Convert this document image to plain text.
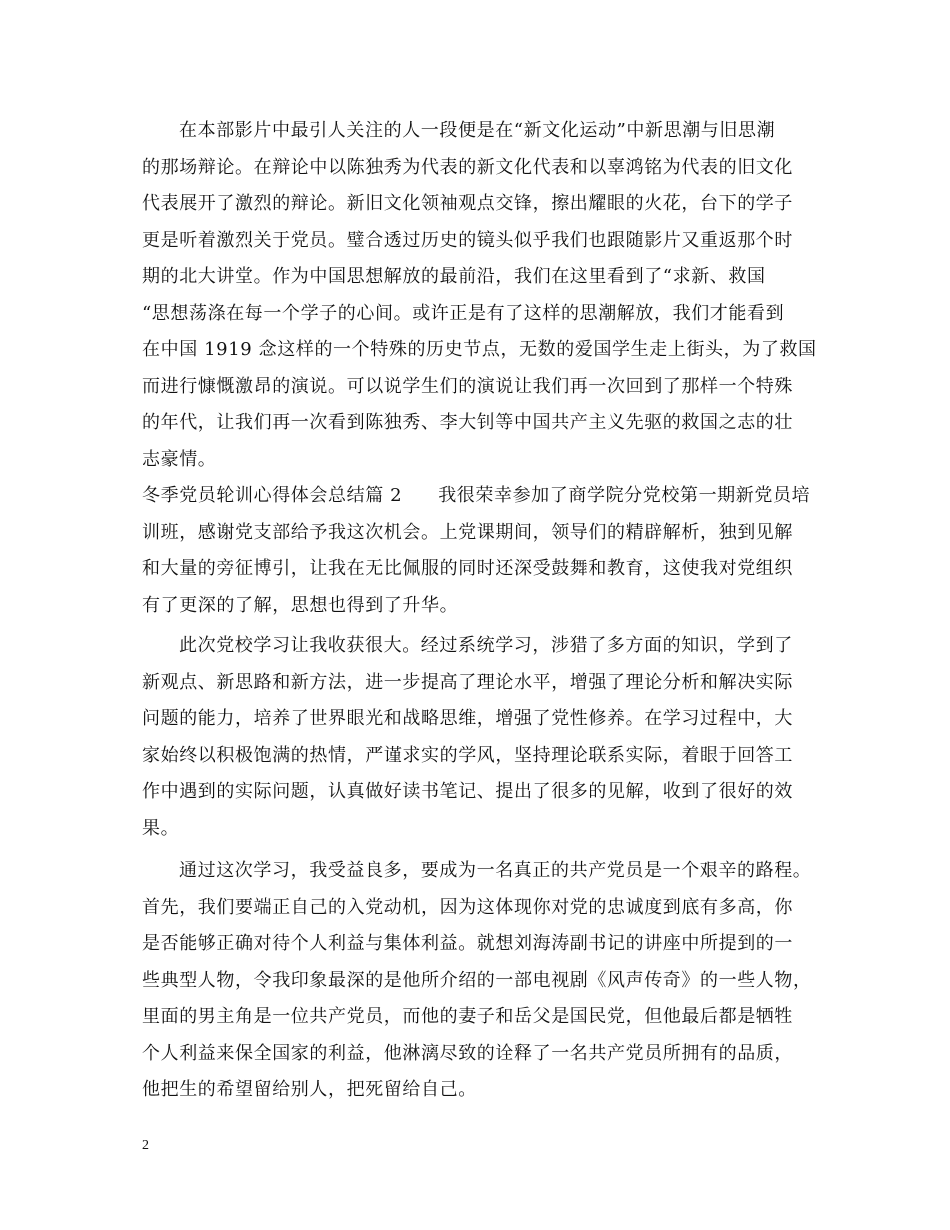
在本部影片中最引人关注的人一段便是在“新文化运动”中新思潮与旧思潮
的那场辩论。在辩论中以陈独秀为代表的新文化代表和以辜鸿铭为代表的旧文化
代表展开了激烈的辩论。新旧文化领袖观点交锋，擦出耀眼的火花，台下的学子
更是听着激烈关于党员。璧合透过历史的镜头似乎我们也跟随影片又重返那个时
期的北大讲堂。作为中国思想解放的最前沿，我们在这里看到了“求新、救国
“思想荡涤在每一个学子的心间。或许正是有了这样的思潮解放，我们才能看到
在中国 1919 念这样的一个特殊的历史节点，无数的爱国学生走上街头，为了救国
而进行慷慨激昂的演说。可以说学生们的演说让我们再一次回到了那样一个特殊
的年代，让我们再一次看到陈独秀、李大钊等中国共产主义先驱的救国之志的壮
志豪情。
冬季党员轮训心得体会总结篇 2 我很荣幸参加了商学院分党校第一期新党员培
训班，感谢党支部给予我这次机会。上党课期间，领导们的精辟解析，独到见解
和大量的旁征博引，让我在无比佩服的同时还深受鼓舞和教育，这使我对党组织
有了更深的了解，思想也得到了升华。
此次党校学习让我收获很大。经过系统学习，涉猎了多方面的知识，学到了
新观点、新思路和新方法，进一步提高了理论水平，增强了理论分析和解决实际
问题的能力，培养了世界眼光和战略思维，增强了党性修养。在学习过程中，大
家始终以积极饱满的热情，严谨求实的学风，坚持理论联系实际，着眼于回答工
作中遇到的实际问题，认真做好读书笔记、提出了很多的见解，收到了很好的效
果。
通过这次学习，我受益良多，要成为一名真正的共产党员是一个艰辛的路程。
首先，我们要端正自己的入党动机，因为这体现你对党的忠诚度到底有多高，你
是否能够正确对待个人利益与集体利益。就想刘海涛副书记的讲座中所提到的一
些典型人物，令我印象最深的是他所介绍的一部电视剧《风声传奇》的一些人物，
里面的男主角是一位共产党员，而他的妻子和岳父是国民党，但他最后都是牺牲
个人利益来保全国家的利益，他淋漓尽致的诠释了一名共产党员所拥有的品质，
他把生的希望留给别人，把死留给自己。
2
